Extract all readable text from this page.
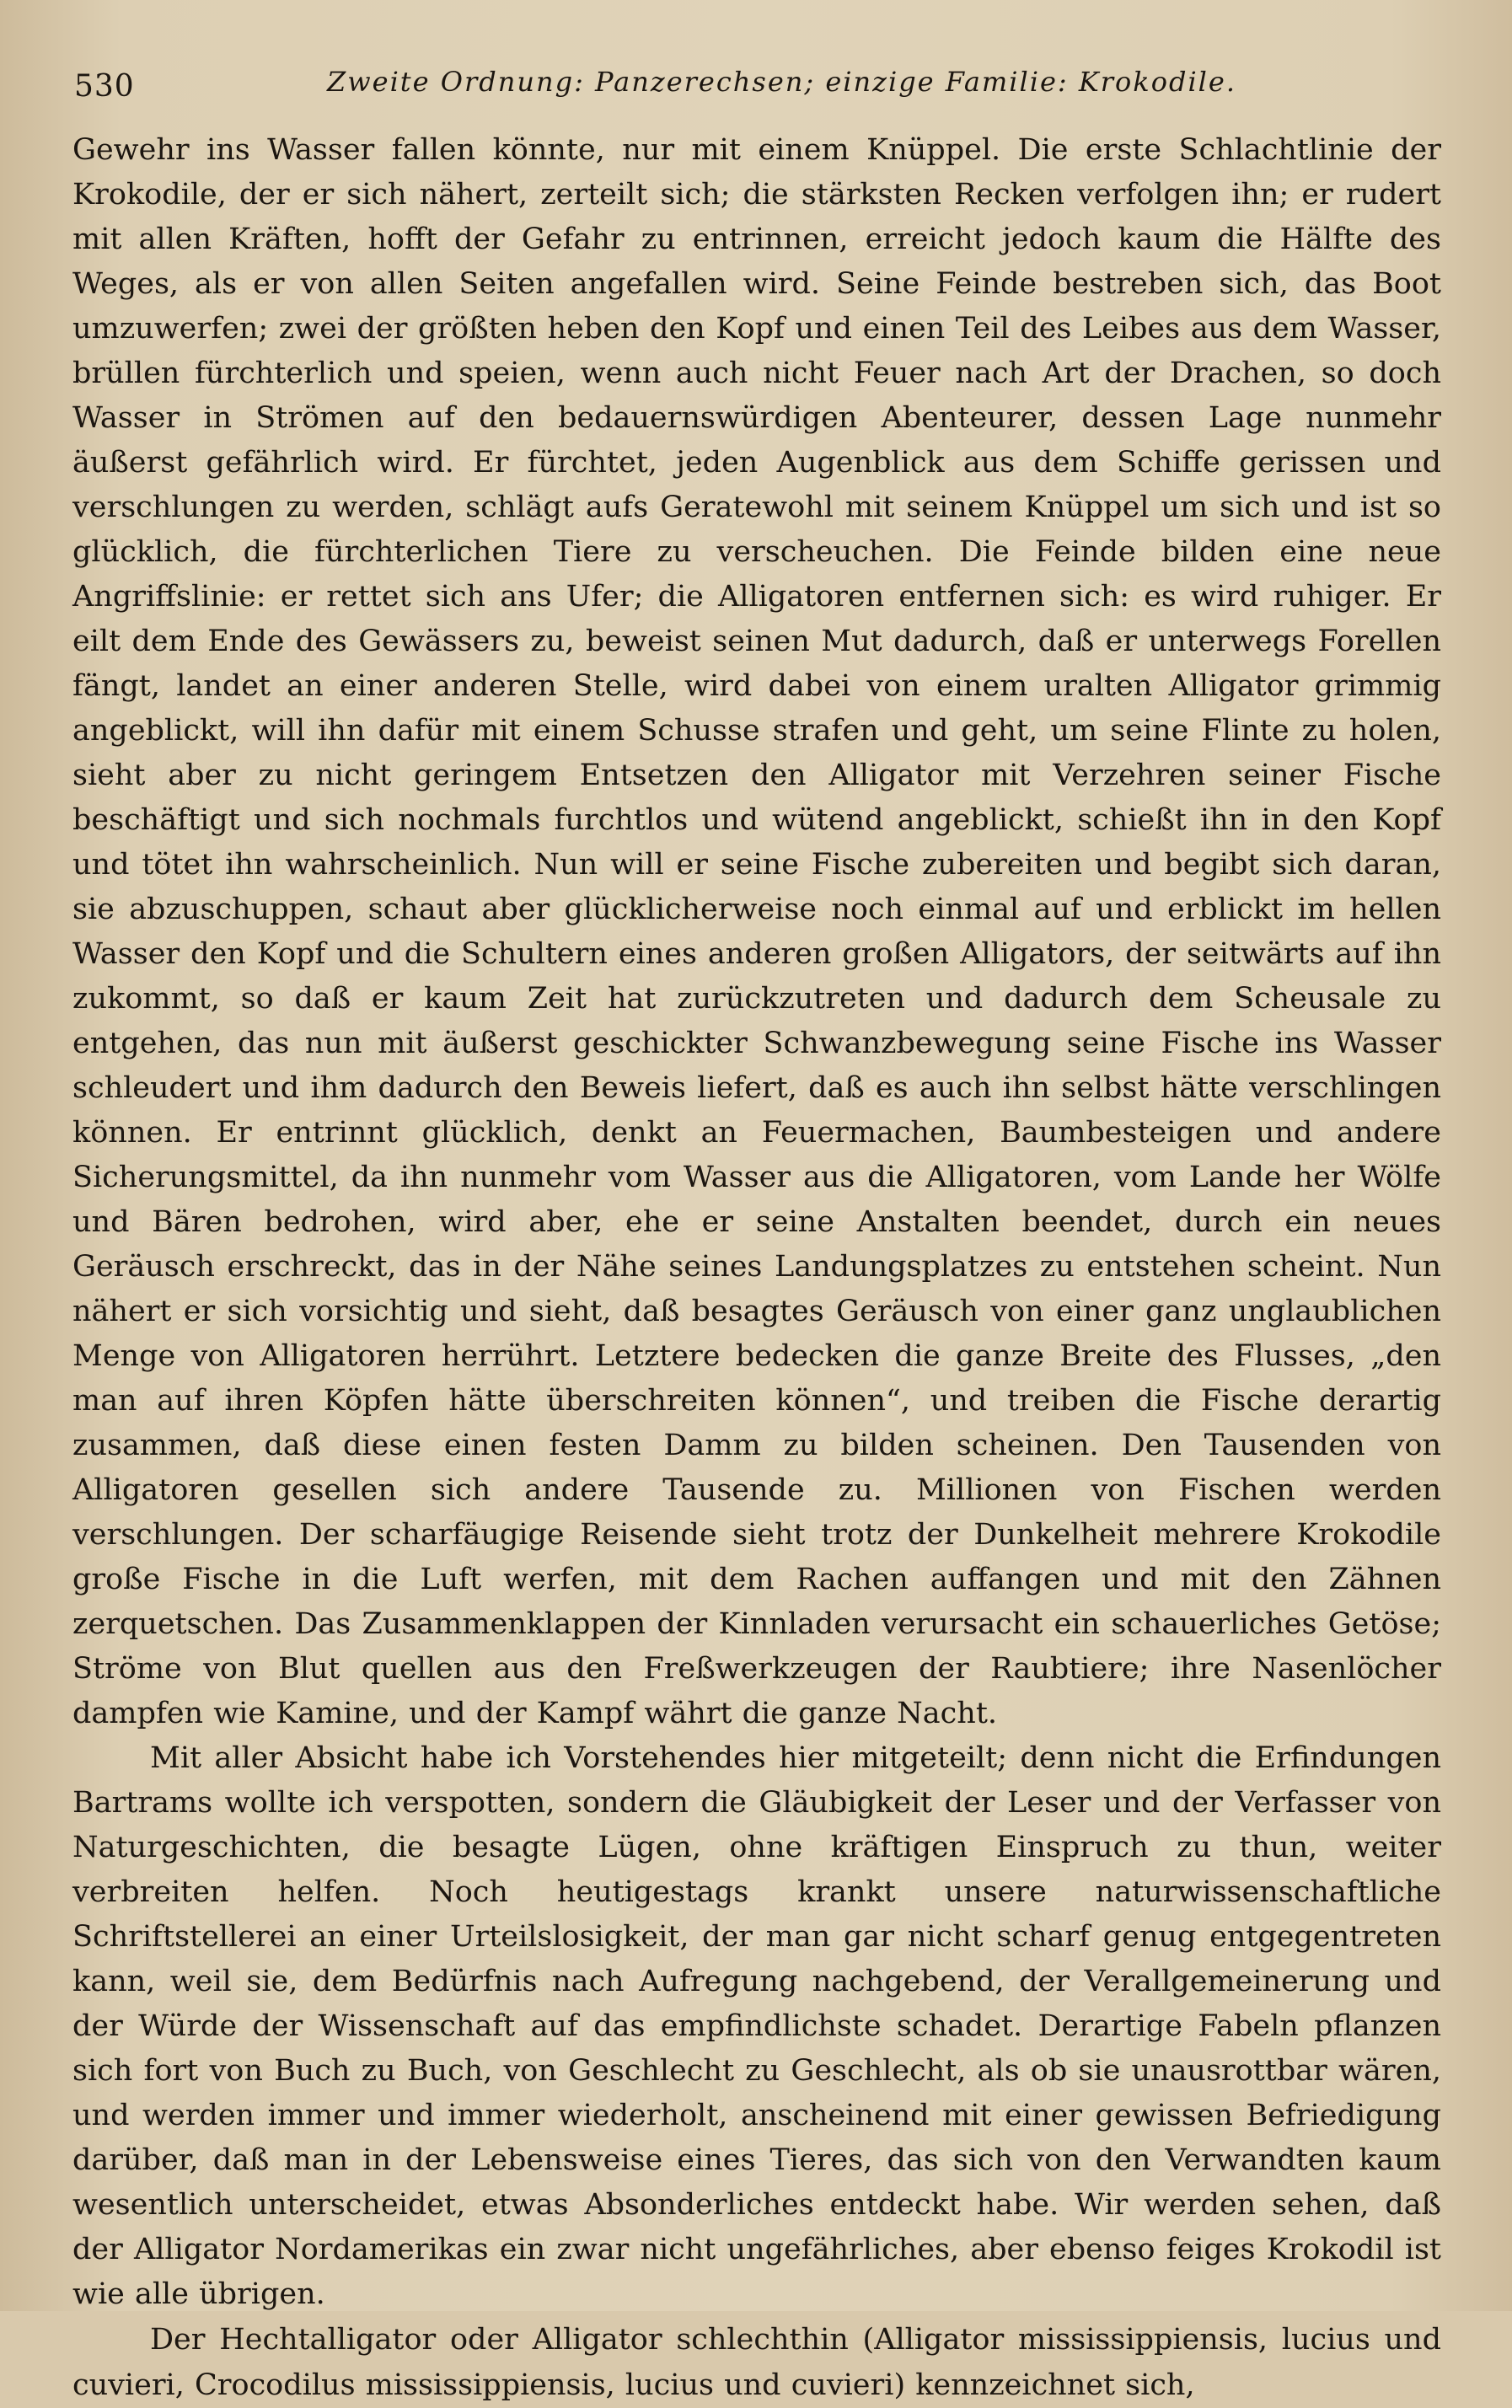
530	Zweite Ordnung: Panzerechsen; einzige Familie: Krokodile.

Gewehr ins Wasser fallen könnte, nur mit einem Knüppel. Die erste Schlachtlinie der Krokodile, der er sich nähert, zerteilt sich; die stärksten Recken verfolgen ihn; er rudert mit allen Kräften, hofft der Gefahr zu entrinnen, erreicht jedoch kaum die Hälfte des Weges, als er von allen Seiten angefallen wird. Seine Feinde bestreben sich, das Boot umzuwerfen; zwei der größten heben den Kopf und einen Teil des Leibes aus dem Wasser, brüllen fürchterlich und speien, wenn auch nicht Feuer nach Art der Drachen, so doch Wasser in Strömen auf den bedauernswürdigen Abenteurer, dessen Lage nunmehr äußerst gefährlich wird. Er fürchtet, jeden Augenblick aus dem Schiffe gerissen und verschlungen zu werden, schlägt aufs Geratewohl mit seinem Knüppel um sich und ist so glücklich, die fürchterlichen Tiere zu verscheuchen. Die Feinde bilden eine neue Angriffslinie: er rettet sich ans Ufer; die Alligatoren entfernen sich: es wird ruhiger. Er eilt dem Ende des Gewässers zu, beweist seinen Mut dadurch, daß er unterwegs Forellen fängt, landet an einer anderen Stelle, wird dabei von einem uralten Alligator grimmig angeblickt, will ihn dafür mit einem Schusse strafen und geht, um seine Flinte zu holen, sieht aber zu nicht geringem Entsetzen den Alligator mit Verzehren seiner Fische beschäftigt und sich nochmals furchtlos und wütend angeblickt, schießt ihn in den Kopf und tötet ihn wahrscheinlich. Nun will er seine Fische zubereiten und begibt sich daran, sie abzuschuppen, schaut aber glücklicherweise noch einmal auf und erblickt im hellen Wasser den Kopf und die Schultern eines anderen großen Alligators, der seitwärts auf ihn zukommt, so daß er kaum Zeit hat zurückzutreten und dadurch dem Scheusale zu entgehen, das nun mit äußerst geschickter Schwanzbewegung seine Fische ins Wasser schleudert und ihm dadurch den Beweis liefert, daß es auch ihn selbst hätte verschlingen können. Er entrinnt glücklich, denkt an Feuermachen, Baumbesteigen und andere Sicherungsmittel, da ihn nunmehr vom Wasser aus die Alligatoren, vom Lande her Wölfe und Bären bedrohen, wird aber, ehe er seine Anstalten beendet, durch ein neues Geräusch erschreckt, das in der Nähe seines Landungsplatzes zu entstehen scheint. Nun nähert er sich vorsichtig und sieht, daß besagtes Geräusch von einer ganz unglaublichen Menge von Alligatoren herrührt. Letztere bedecken die ganze Breite des Flusses, „den man auf ihren Köpfen hätte überschreiten können“, und treiben die Fische derartig zusammen, daß diese einen festen Damm zu bilden scheinen. Den Tausenden von Alligatoren gesellen sich andere Tausende zu. Millionen von Fischen werden verschlungen. Der scharfäugige Reisende sieht trotz der Dunkelheit mehrere Krokodile große Fische in die Luft werfen, mit dem Rachen auffangen und mit den Zähnen zerquetschen. Das Zusammenklappen der Kinnladen verursacht ein schauerliches Getöse; Ströme von Blut quellen aus den Freßwerkzeugen der Raubtiere; ihre Nasenlöcher dampfen wie Kamine, und der Kampf währt die ganze Nacht.

Mit aller Absicht habe ich Vorstehendes hier mitgeteilt; denn nicht die Erfindungen Bartrams wollte ich verspotten, sondern die Gläubigkeit der Leser und der Verfasser von Naturgeschichten, die besagte Lügen, ohne kräftigen Einspruch zu thun, weiter verbreiten helfen. Noch heutigestags krankt unsere naturwissenschaftliche Schriftstellerei an einer Urteilslosigkeit, der man gar nicht scharf genug entgegentreten kann, weil sie, dem Bedürfnis nach Aufregung nachgebend, der Verallgemeinerung und der Würde der Wissenschaft auf das empfindlichste schadet. Derartige Fabeln pflanzen sich fort von Buch zu Buch, von Geschlecht zu Geschlecht, als ob sie unausrottbar wären, und werden immer und immer wiederholt, anscheinend mit einer gewissen Befriedigung darüber, daß man in der Lebensweise eines Tieres, das sich von den Verwandten kaum wesentlich unterscheidet, etwas Absonderliches entdeckt habe. Wir werden sehen, daß der Alligator Nordamerikas ein zwar nicht ungefährliches, aber ebenso feiges Krokodil ist wie alle übrigen.

Der Hechtalligator oder Alligator schlechthin (Alligator mississippiensis, lucius und cuvieri, Crocodilus mississippiensis, lucius und cuvieri) kennzeichnet sich,
